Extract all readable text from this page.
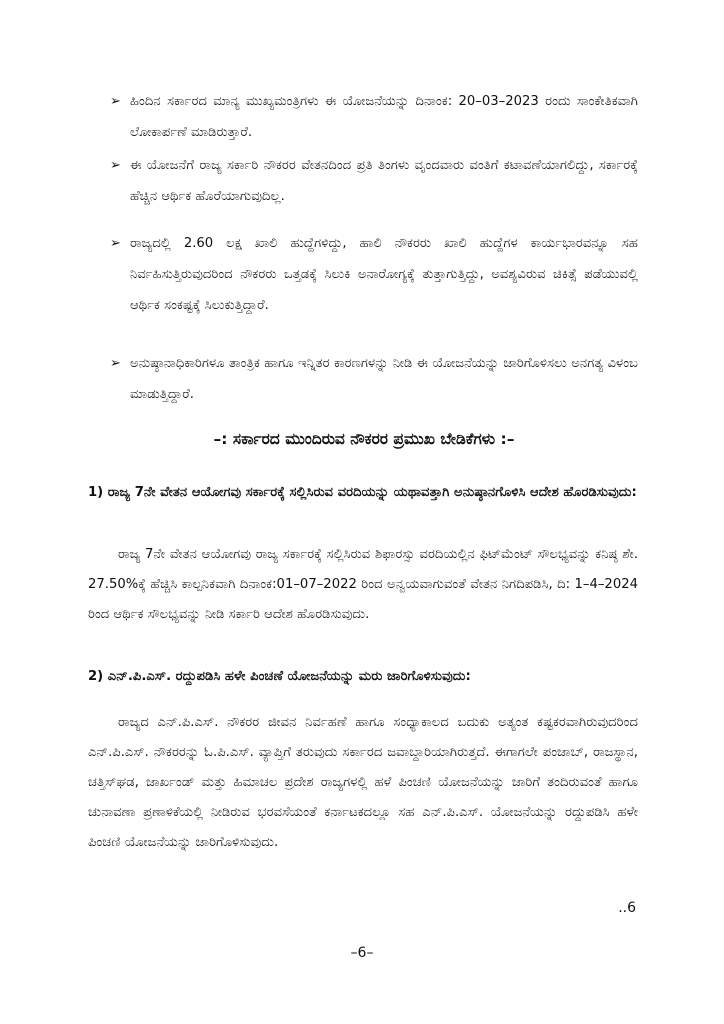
➢ ಹಿಂದಿನ ಸರ್ಕಾರದ ಮಾನ್ಯ ಮುಖ್ಯಮಂತ್ರಿಗಳು ಈ ಯೋಜನೆಯನ್ನು ದಿನಾಂಕ: 20–03–2023 ರಂದು ಸಾಂಕೇತಿಕವಾಗಿ ಲೋಕಾರ್ಪಣೆ ಮಾಡಿರುತ್ತಾರೆ.
➢ ಈ ಯೋಜನೆಗೆ ರಾಜ್ಯ ಸರ್ಕಾರಿ ನೌಕರರ ವೇತನದಿಂದ ಪ್ರತಿ ತಿಂಗಳು ವೃಂದವಾರು ವಂತಿಗೆ ಕಟಾವಣೆಯಾಗಲಿದ್ದು, ಸರ್ಕಾರಕ್ಕೆ ಹೆಚ್ಚಿನ ಆರ್ಥಿಕ ಹೊರೆಯಾಗುವುದಿಲ್ಲ.
➢ ರಾಜ್ಯದಲ್ಲಿ 2.60 ಲಕ್ಷ ಖಾಲಿ ಹುದ್ದೆಗಳಿದ್ದು, ಹಾಲಿ ನೌಕರರು ಖಾಲಿ ಹುದ್ದೆಗಳ ಕಾರ್ಯಭಾರವನ್ನೂ ಸಹ ನಿರ್ವಹಿಸುತ್ತಿರುವುದರಿಂದ ನೌಕರರು ಒತ್ತಡಕ್ಕೆ ಸಿಲುಕಿ ಅನಾರೋಗ್ಯಕ್ಕೆ ತುತ್ತಾಗುತ್ತಿದ್ದು, ಅವಶ್ಯವಿರುವ ಚಿಕಿತ್ಸೆ ಪಡೆಯುವಲ್ಲಿ ಆರ್ಥಿಕ ಸಂಕಷ್ಟಕ್ಕೆ ಸಿಲುಕುತ್ತಿದ್ದಾರೆ.
➢ ಅನುಷ್ಠಾನಾಧಿಕಾರಿಗಳೂ ತಾಂತ್ರಿಕ ಹಾಗೂ ಇನ್ನಿತರ ಕಾರಣಗಳನ್ನು ನೀಡಿ ಈ ಯೋಜನೆಯನ್ನು ಜಾರಿಗೊಳಿಸಲು ಅನಗತ್ಯ ವಿಳಂಬ ಮಾಡುತ್ತಿದ್ದಾರೆ.
–: ಸರ್ಕಾರದ ಮುಂದಿರುವ ನೌಕರರ ಪ್ರಮುಖ ಬೇಡಿಕೆಗಳು :–
1) ರಾಜ್ಯ 7ನೇ ವೇತನ ಆಯೋಗವು ಸರ್ಕಾರಕ್ಕೆ ಸಲ್ಲಿಸಿರುವ ವರದಿಯನ್ನು ಯಥಾವತ್ತಾಗಿ ಅನುಷ್ಠಾನಗೊಳಿಸಿ ಆದೇಶ ಹೊರಡಿಸುವುದು:
ರಾಜ್ಯ 7ನೇ ವೇತನ ಆಯೋಗವು ರಾಜ್ಯ ಸರ್ಕಾರಕ್ಕೆ ಸಲ್ಲಿಸಿರುವ ಶಿಫಾರಸ್ಸು ವರದಿಯಲ್ಲಿನ ಫಿಟ್‌ಮೆಂಟ್ ಸೌಲಭ್ಯವನ್ನು ಕನಿಷ್ಠ ಶೇ. 27.50%ಕ್ಕೆ ಹೆಚ್ಚಿಸಿ ಕಾಲ್ಪನಿಕವಾಗಿ ದಿನಾಂಕ:01–07–2022 ರಿಂದ ಅನ್ವಯವಾಗುವಂತೆ ವೇತನ ನಿಗದಿಪಡಿಸಿ, ದಿ: 1–4–2024 ರಿಂದ ಆರ್ಥಿಕ ಸೌಲಭ್ಯವನ್ನು ನೀಡಿ ಸರ್ಕಾರಿ ಆದೇಶ ಹೊರಡಿಸುವುದು.
2) ಎನ್.ಪಿ.ಎಸ್. ರದ್ದುಪಡಿಸಿ ಹಳೇ ಪಿಂಚಣೆ ಯೋಜನೆಯನ್ನು ಮರು ಜಾರಿಗೊಳಿಸುವುದು:
ರಾಜ್ಯದ ಎನ್.ಪಿ.ಎಸ್. ನೌಕರರ ಜೀವನ ನಿರ್ವಹಣೆ ಹಾಗೂ ಸಂಧ್ಯಾಕಾಲದ ಬದುಕು ಅತ್ಯಂತ ಕಷ್ಟಕರವಾಗಿರುವುದರಿಂದ ಎನ್.ಪಿ.ಎಸ್. ನೌಕರರನ್ನು ಓ.ಪಿ.ಎಸ್. ವ್ಯಾಪ್ತಿಗೆ ತರುವುದು ಸರ್ಕಾರದ ಜವಾಬ್ದಾರಿಯಾಗಿರುತ್ತದೆ. ಈಗಾಗಲೇ ಪಂಜಾಬ್, ರಾಜಸ್ಥಾನ, ಚತ್ತಿಸ್‌ಘಡ, ಜಾರ್ಖಂಡ್ ಮತ್ತು ಹಿಮಾಚಲ ಪ್ರದೇಶ ರಾಜ್ಯಗಳಲ್ಲಿ ಹಳೆ ಪಿಂಚಣಿ ಯೋಜನೆಯನ್ನು ಜಾರಿಗೆ ತಂದಿರುವಂತೆ ಹಾಗೂ ಚುನಾವಣಾ ಪ್ರಣಾಳಿಕೆಯಲ್ಲಿ ನೀಡಿರುವ ಭರವಸೆಯಂತೆ ಕರ್ನಾಟಕದಲ್ಲೂ ಸಹ ಎನ್.ಪಿ.ಎಸ್. ಯೋಜನೆಯನ್ನು ರದ್ದುಪಡಿಸಿ ಹಳೇ ಪಿಂಚಣಿ ಯೋಜನೆಯನ್ನು ಜಾರಿಗೊಳಿಸುವುದು.
..6
–6–
